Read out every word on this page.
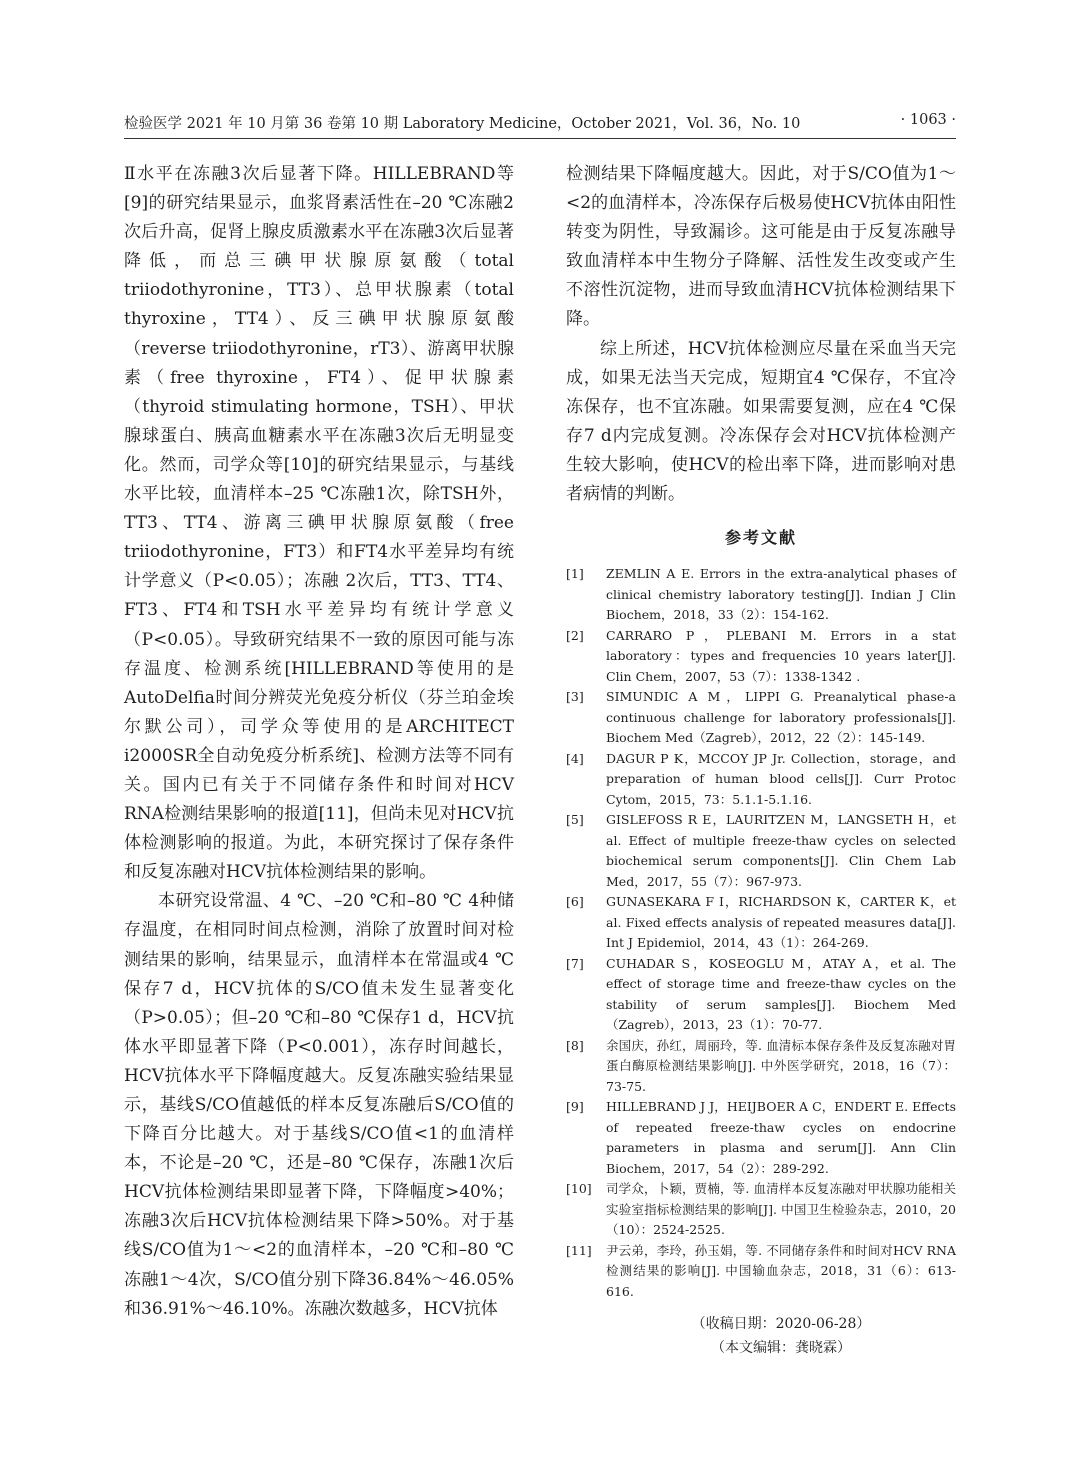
检验医学 2021 年 10 月第 36 卷第 10 期 Laboratory Medicine，October 2021，Vol. 36，No. 10	· 1063 ·

Ⅱ水平在冻融3次后显著下降。HILLEBRAND等[9]的研究结果显示，血浆肾素活性在–20 ℃冻融2次后升高，促肾上腺皮质激素水平在冻融3次后显著降低，而总三碘甲状腺原氨酸（total triiodothyronine，TT3）、总甲状腺素（total thyroxine，TT4）、反三碘甲状腺原氨酸（reverse triiodothyronine，rT3）、游离甲状腺素（free thyroxine，FT4）、促甲状腺素（thyroid stimulating hormone，TSH）、甲状腺球蛋白、胰高血糖素水平在冻融3次后无明显变化。然而，司学众等[10]的研究结果显示，与基线水平比较，血清样本–25 ℃冻融1次，除TSH外，TT3、TT4、游离三碘甲状腺原氨酸（free triiodothyronine，FT3）和FT4水平差异均有统计学意义（P<0.05）；冻融 2次后，TT3、TT4、FT3、FT4和TSH水平差异均有统计学意义（P<0.05）。导致研究结果不一致的原因可能与冻存温度、检测系统[HILLEBRAND等使用的是AutoDelfia时间分辨荧光免疫分析仪（芬兰珀金埃尔默公司），司学众等使用的是ARCHITECT i2000SR全自动免疫分析系统]、检测方法等不同有关。国内已有关于不同储存条件和时间对HCV RNA检测结果影响的报道[11]，但尚未见对HCV抗体检测影响的报道。为此，本研究探讨了保存条件和反复冻融对HCV抗体检测结果的影响。

本研究设常温、4 ℃、–20 ℃和–80 ℃ 4种储存温度，在相同时间点检测，消除了放置时间对检测结果的影响，结果显示，血清样本在常温或4 ℃保存7 d，HCV抗体的S/CO值未发生显著变化（P>0.05）；但–20 ℃和–80 ℃保存1 d，HCV抗体水平即显著下降（P<0.001），冻存时间越长，HCV抗体水平下降幅度越大。反复冻融实验结果显示，基线S/CO值越低的样本反复冻融后S/CO值的下降百分比越大。对于基线S/CO值<1的血清样本，不论是–20 ℃，还是–80 ℃保存，冻融1次后HCV抗体检测结果即显著下降，下降幅度>40%；冻融3次后HCV抗体检测结果下降>50%。对于基线S/CO值为1～<2的血清样本，–20 ℃和–80 ℃冻融1～4次，S/CO值分别下降36.84%～46.05%和36.91%～46.10%。冻融次数越多，HCV抗体

检测结果下降幅度越大。因此，对于S/CO值为1～<2的血清样本，冷冻保存后极易使HCV抗体由阳性转变为阴性，导致漏诊。这可能是由于反复冻融导致血清样本中生物分子降解、活性发生改变或产生不溶性沉淀物，进而导致血清HCV抗体检测结果下降。

综上所述，HCV抗体检测应尽量在采血当天完成，如果无法当天完成，短期宜4 ℃保存，不宜冷冻保存，也不宜冻融。如果需要复测，应在4 ℃保存7 d内完成复测。冷冻保存会对HCV抗体检测产生较大影响，使HCV的检出率下降，进而影响对患者病情的判断。

参考文献
[1]	ZEMLIN A E. Errors in the extra-analytical phases of clinical chemistry laboratory testing[J]. Indian J Clin Biochem，2018，33（2）：154-162.
[2]	CARRARO P，PLEBANI M. Errors in a stat laboratory：types and frequencies 10 years later[J]. Clin Chem，2007，53（7）：1338-1342 .
[3]	SIMUNDIC A M，LIPPI G. Preanalytical phase-a continuous challenge for laboratory professionals[J]. Biochem Med（Zagreb），2012，22（2）：145-149.
[4]	DAGUR P K，MCCOY JP Jr. Collection，storage，and preparation of human blood cells[J]. Curr Protoc Cytom，2015，73：5.1.1-5.1.16.
[5]	GISLEFOSS R E，LAURITZEN M，LANGSETH H，et al. Effect of multiple freeze-thaw cycles on selected biochemical serum components[J]. Clin Chem Lab Med，2017，55（7）：967-973.
[6]	GUNASEKARA F I，RICHARDSON K，CARTER K，et al. Fixed effects analysis of repeated measures data[J]. Int J Epidemiol，2014，43（1）：264-269.
[7]	CUHADAR S，KOSEOGLU M，ATAY A，et al. The effect of storage time and freeze-thaw cycles on the stability of serum samples[J]. Biochem Med（Zagreb），2013，23（1）：70-77.
[8]	余国庆，孙红，周丽玲，等. 血清标本保存条件及反复冻融对胃蛋白酶原检测结果影响[J]. 中外医学研究，2018，16（7）：73-75.
[9]	HILLEBRAND J J，HEIJBOER A C，ENDERT E. Effects of repeated freeze-thaw cycles on endocrine parameters in plasma and serum[J]. Ann Clin Biochem，2017，54（2）：289-292.
[10]	司学众，卜颖，贾楠，等. 血清样本反复冻融对甲状腺功能相关实验室指标检测结果的影响[J]. 中国卫生检验杂志，2010，20（10）：2524-2525.
[11]	尹云弟，李玲，孙玉娟，等. 不同储存条件和时间对HCV RNA检测结果的影响[J]. 中国输血杂志，2018，31（6）：613-616.
（收稿日期：2020-06-28）
（本文编辑：龚晓霖）
